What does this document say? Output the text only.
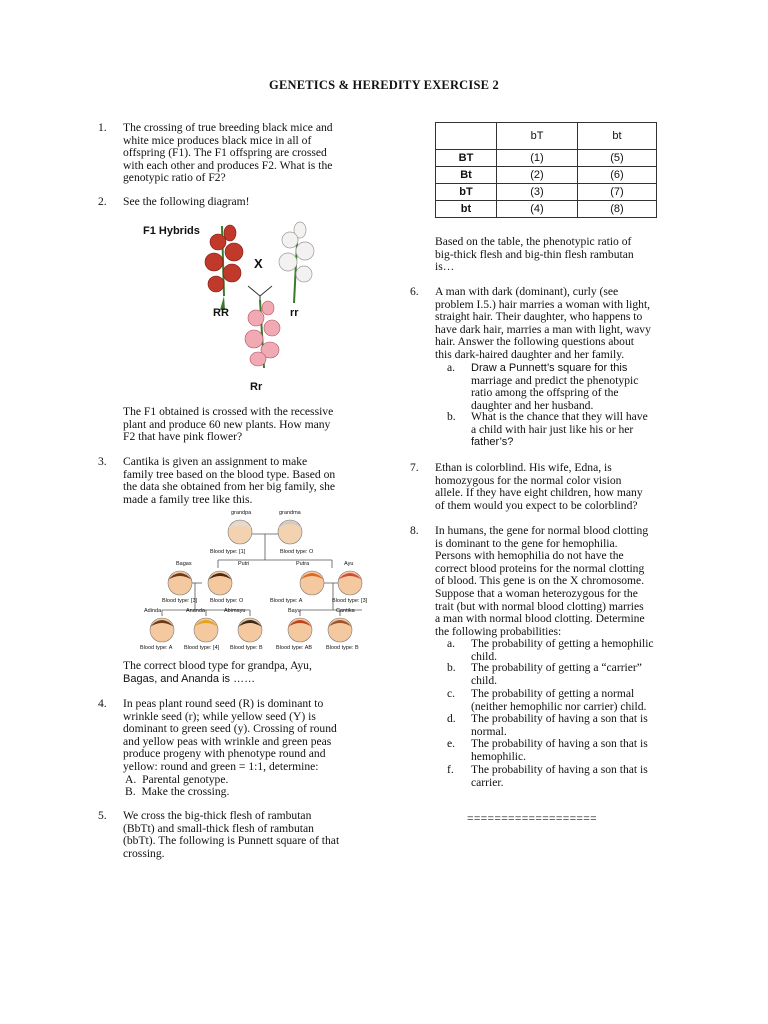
GENETICS & HEREDITY EXERCISE 2
1. The crossing of true breeding black mice and
white mice produces black mice in all of
offspring (F1). The F1 offspring are crossed
with each other and produces F2. What is the
genotypic ratio of F2?
2. See the following diagram!
F1 Hybrids
X
RR	rr
Rr
The F1 obtained is crossed with the recessive
plant and produce 60 new plants. How many
F2 that have pink flower?
3. Cantika is given an assignment to make
family tree based on the blood type. Based on
the data she obtained from her big family, she
made a family tree like this.
grandpa	grandma
Blood type: [1]	Blood type: O
Bagas	Putri	Putra	Ayu
Blood type: [3] Blood type: O	Blood type: A	Blood type: [3]
Adinda	Ananda	Abimayu	Bayu	Cantika
Blood type: A Blood type: [4] Blood type: B Blood type: AB	Blood type: B
The correct blood type for grandpa, Ayu,
Bagas, and Ananda is ……
4. In peas plant round seed (R) is dominant to
wrinkle seed (r); while yellow seed (Y) is
dominant to green seed (y). Crossing of round
and yellow peas with wrinkle and green peas
produce progeny with phenotype round and
yellow: round and green = 1:1, determine:
A. Parental genotype.
B. Make the crossing.
5. We cross the big-thick flesh of rambutan
(BbTt) and small-thick flesh of rambutan
(bbTt). The following is Punnett square of that
crossing.
	bT	bt
BT	(1)	(5)
Bt	(2)	(6)
bT	(3)	(7)
bt	(4)	(8)
Based on the table, the phenotypic ratio of
big-thick flesh and big-thin flesh rambutan
is…
6. A man with dark (dominant), curly (see
problem I.5.) hair marries a woman with light,
straight hair. Their daughter, who happens to
have dark hair, marries a man with light, wavy
hair. Answer the following questions about
this dark-haired daughter and her family.
a. Draw a Punnett’s square for this
marriage and predict the phenotypic
ratio among the offspring of the
daughter and her husband.
b. What is the chance that they will have
a child with hair just like his or her
father’s?
7. Ethan is colorblind. His wife, Edna, is
homozygous for the normal color vision
allele. If they have eight children, how many
of them would you expect to be colorblind?
8. In humans, the gene for normal blood clotting
is dominant to the gene for hemophilia.
Persons with hemophilia do not have the
correct blood proteins for the normal clotting
of blood. This gene is on the X chromosome.
Suppose that a woman heterozygous for the
trait (but with normal blood clotting) marries
a man with normal blood clotting. Determine
the following probabilities:
a. The probability of getting a hemophilic
child.
b. The probability of getting a “carrier”
child.
c. The probability of getting a normal
(neither hemophilic nor carrier) child.
d. The probability of having a son that is
normal.
e. The probability of having a son that is
hemophilic.
f. The probability of having a son that is
carrier.
===================
